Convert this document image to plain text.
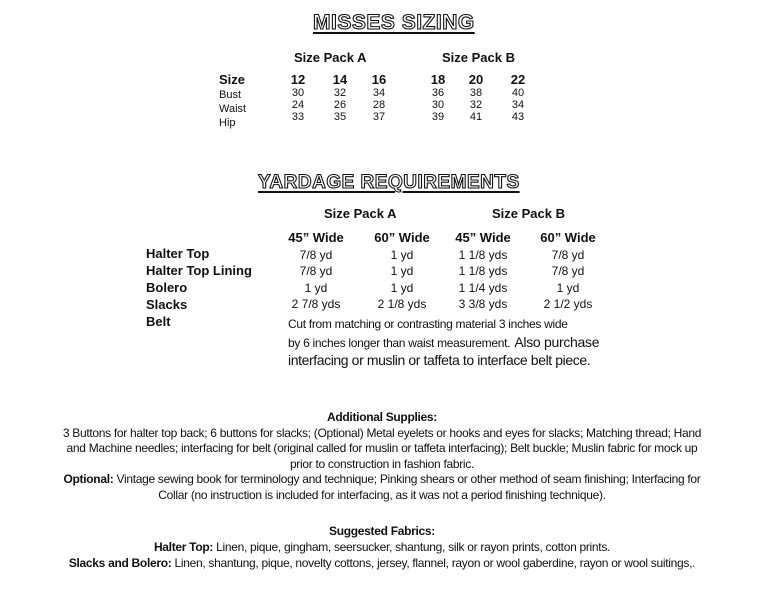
MISSES SIZING
Size Pack A	Size Pack B
Size
Bust
Waist
Hip
12
30
24
33
14
32
26
35
16
34
28
37
18
36
30
39
20
38
32
41
22
40
34
43
YARDAGE REQUIREMENTS
Size Pack A	Size Pack B
Halter Top
Halter Top Lining
Bolero
Slacks
Belt
45” Wide
7/8 yd
7/8 yd
1 yd
2 7/8 yds
60” Wide
1 yd
1 yd
1 yd
2 1/8 yds
45” Wide
1 1/8 yds
1 1/8 yds
1 1/4 yds
3 3/8 yds
60” Wide
7/8 yd
7/8 yd
1 yd
2 1/2 yds
Cut from matching or contrasting material 3 inches wide
by 6 inches longer than waist measurement. Also purchase
interfacing or muslin or taffeta to interface belt piece.
Additional Supplies:
3 Buttons for halter top back; 6 buttons for slacks; (Optional) Metal eyelets or hooks and eyes for slacks; Matching thread; Hand
and Machine needles; interfacing for belt (original called for muslin or taffeta interfacing); Belt buckle; Muslin fabric for mock up
prior to construction in fashion fabric.
Optional: Vintage sewing book for terminology and technique; Pinking shears or other method of seam finishing; Interfacing for
Collar (no instruction is included for interfacing, as it was not a period finishing technique).
Suggested Fabrics:
Halter Top: Linen, pique, gingham, seersucker, shantung, silk or rayon prints, cotton prints.
Slacks and Bolero: Linen, shantung, pique, novelty cottons, jersey, flannel, rayon or wool gaberdine, rayon or wool suitings,.
